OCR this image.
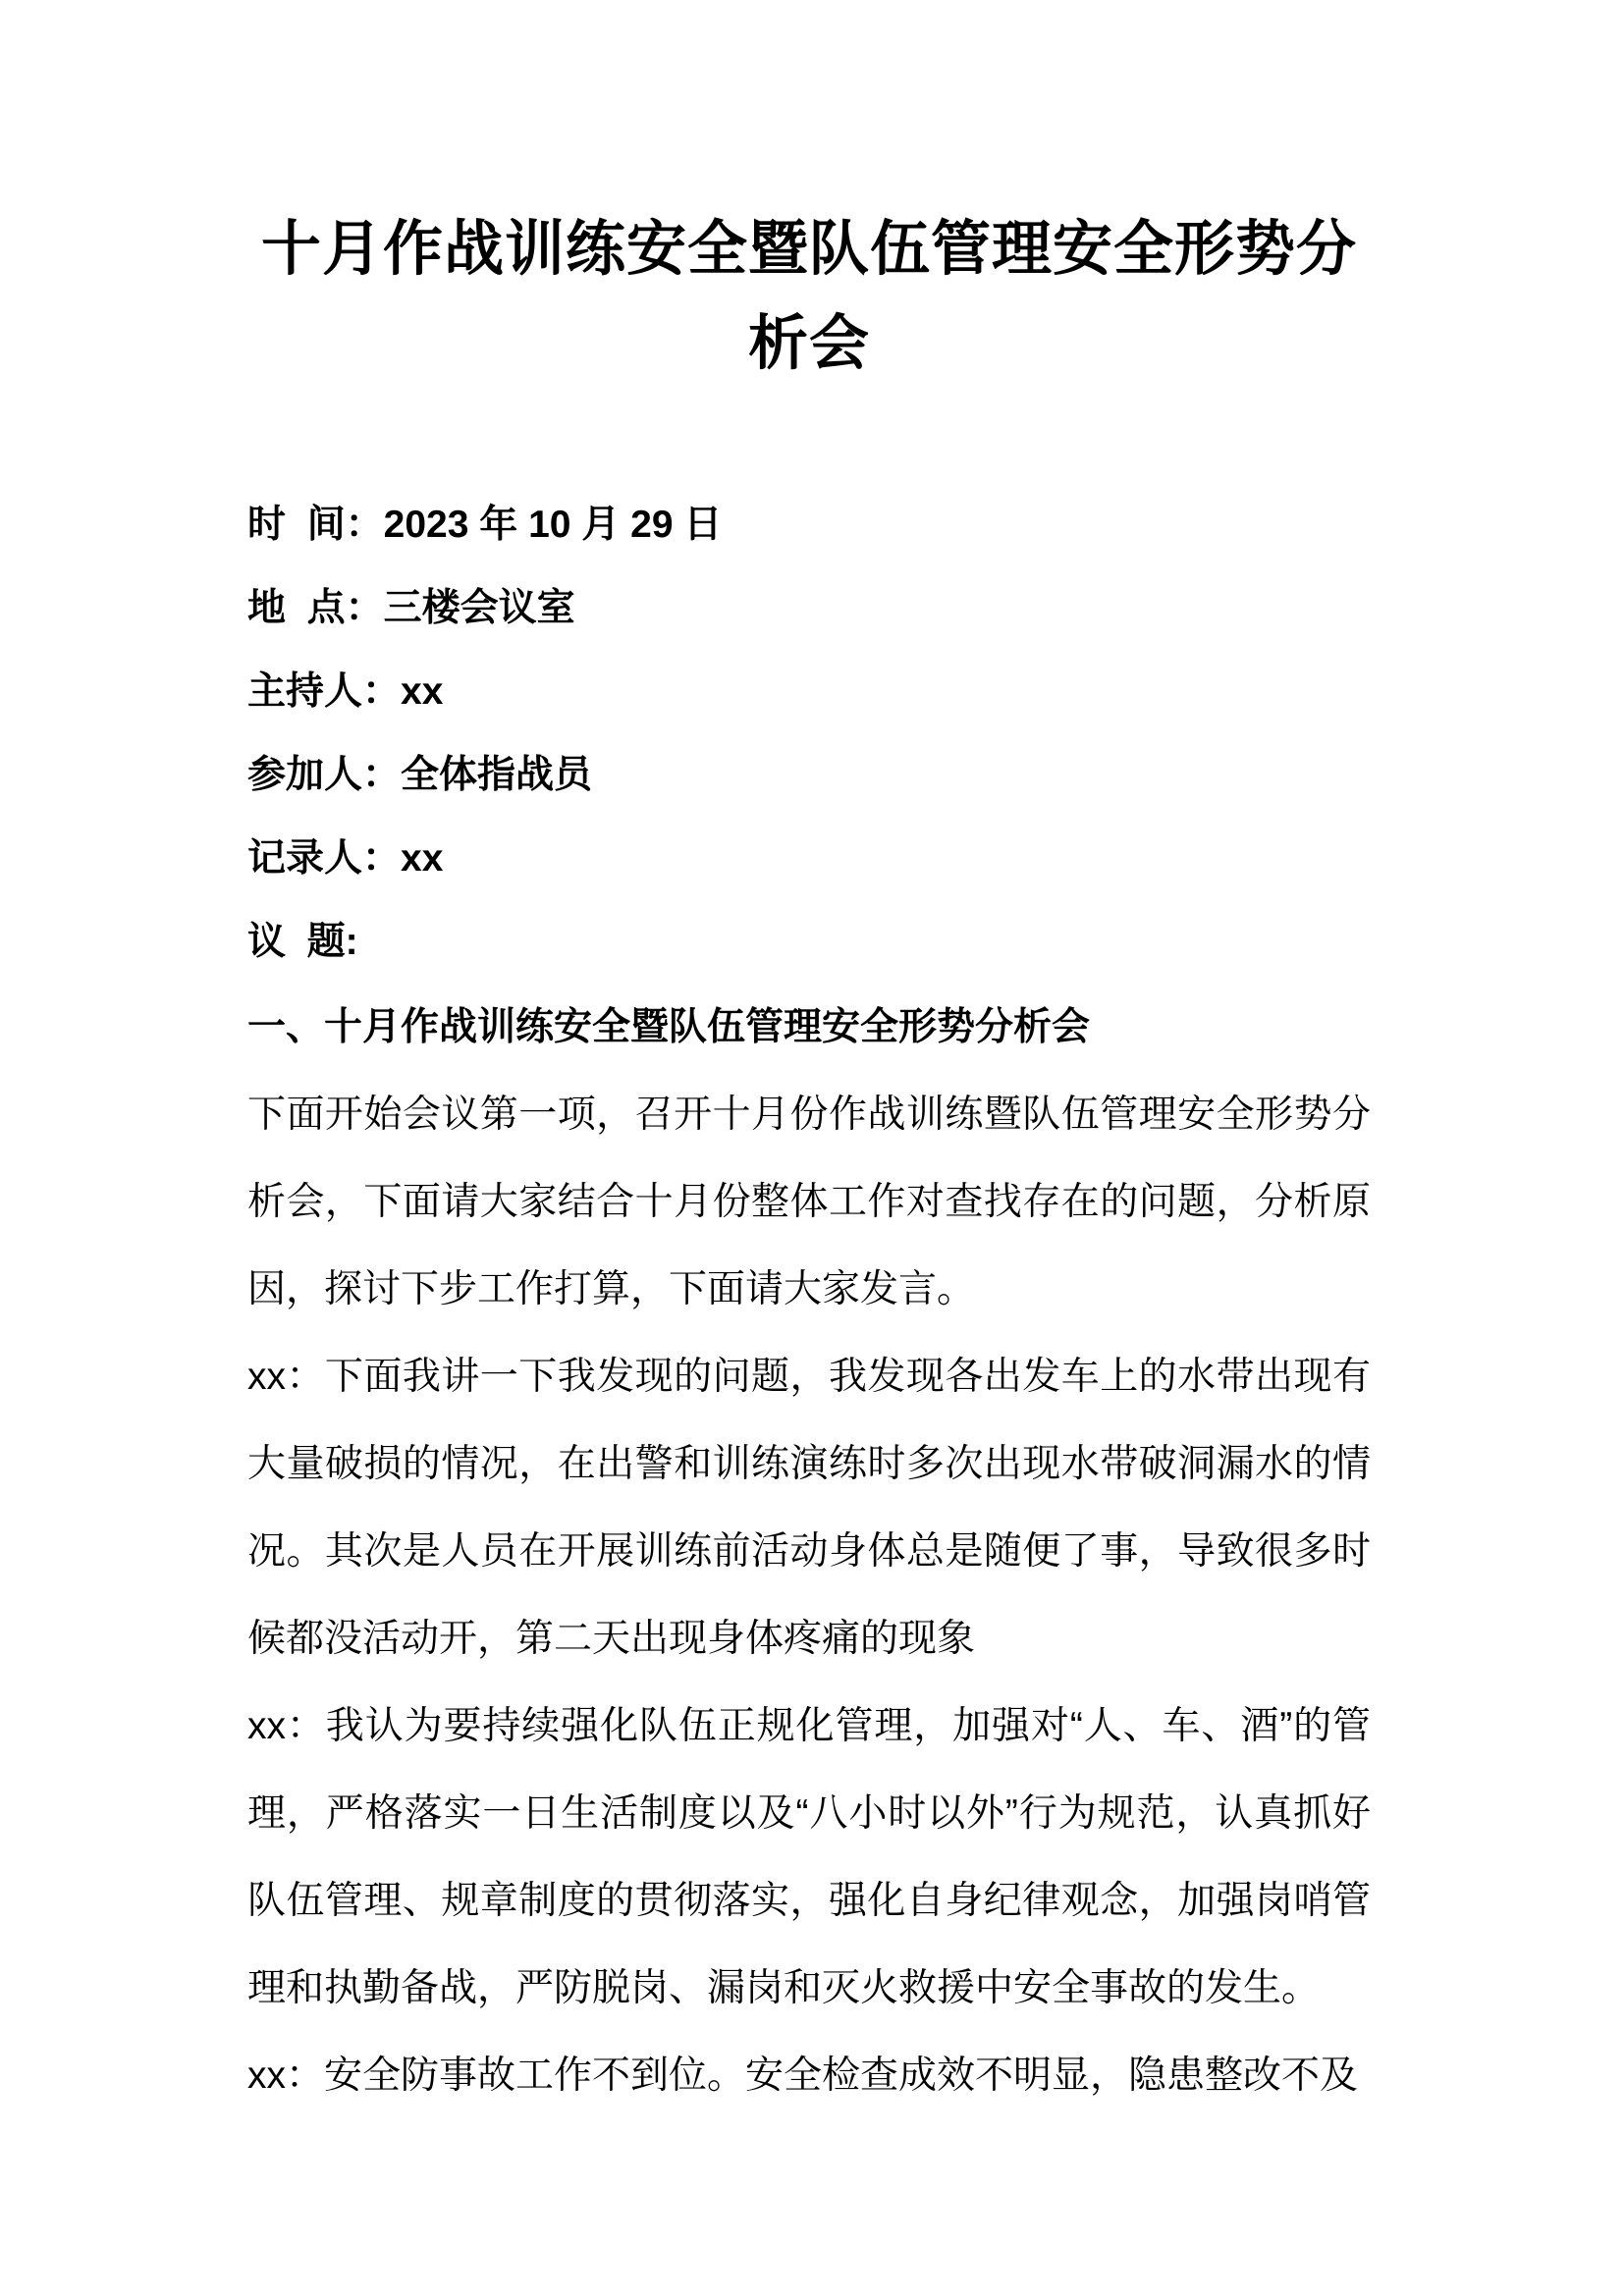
十月作战训练安全暨队伍管理安全形势分析会

时  间：2023 年 10 月 29 日

地  点：三楼会议室

主持人：xx

参加人：全体指战员

记录人：xx

议  题:

一、十月作战训练安全暨队伍管理安全形势分析会

下面开始会议第一项，召开十月份作战训练暨队伍管理安全形势分析会，下面请大家结合十月份整体工作对查找存在的问题，分析原因，探讨下步工作打算，下面请大家发言。

xx：下面我讲一下我发现的问题，我发现各出发车上的水带出现有大量破损的情况，在出警和训练演练时多次出现水带破洞漏水的情况。其次是人员在开展训练前活动身体总是随便了事，导致很多时候都没活动开，第二天出现身体疼痛的现象

xx：我认为要持续强化队伍正规化管理，加强对“人、车、酒”的管理，严格落实一日生活制度以及“八小时以外”行为规范，认真抓好队伍管理、规章制度的贯彻落实，强化自身纪律观念，加强岗哨管理和执勤备战，严防脱岗、漏岗和灭火救援中安全事故的发生。

xx：安全防事故工作不到位。安全检查成效不明显，隐患整改不及
